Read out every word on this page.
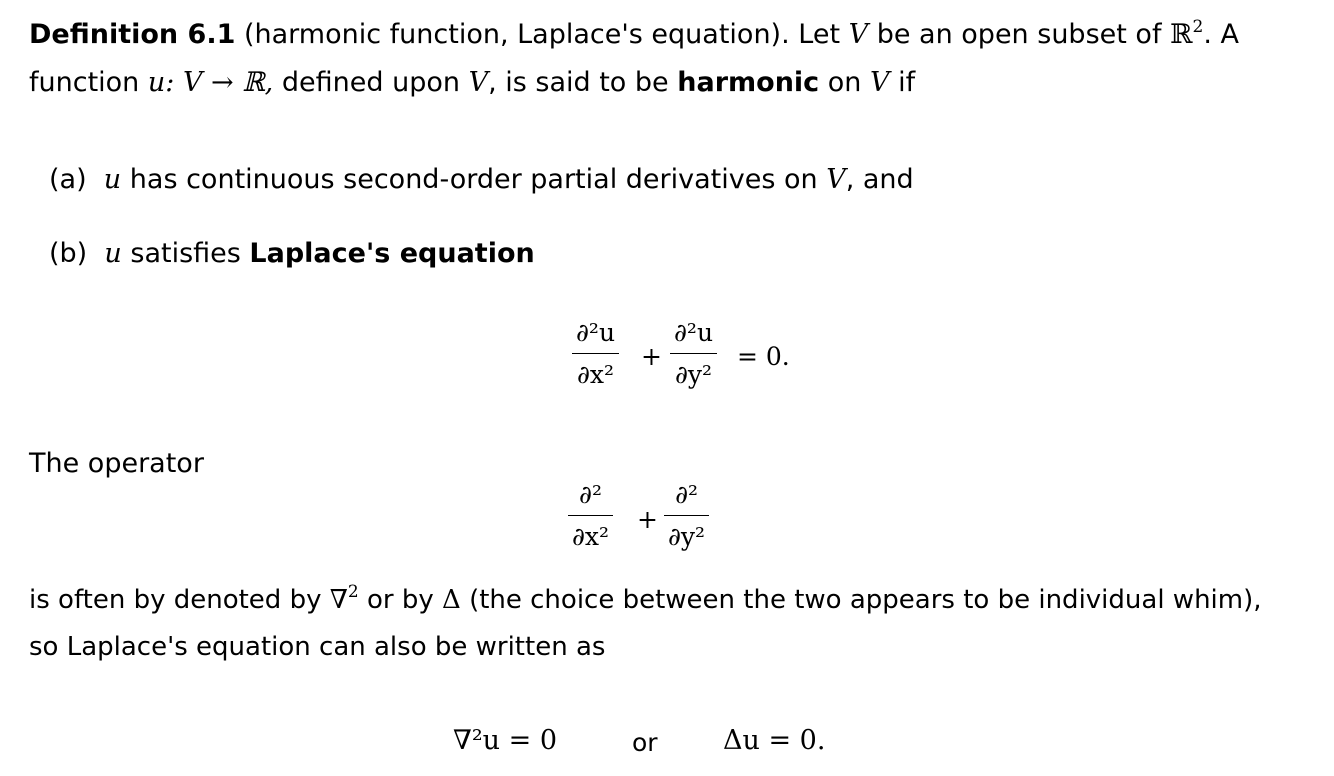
Definition 6.1 (harmonic function, Laplace's equation). Let V be an open subset of ℝ$^2$. A
function u: V → ℝ, defined upon V, is said to be harmonic on V if
(a) u has continuous second-order partial derivatives on V, and
(b) u satisfies Laplace's equation
$\frac{\text{∂²u}}{\text{∂x²}} + \frac{\text{∂²u}}{\text{∂y²}} = 0$.
The operator
∂²
∂x²
+
∂²
∂y²
is often by denoted by ∇$^2$ or by Δ (the choice between the two appears to be individual whim),
so Laplace's equation can also be written as
∇²u = 0	or Δu = 0.
